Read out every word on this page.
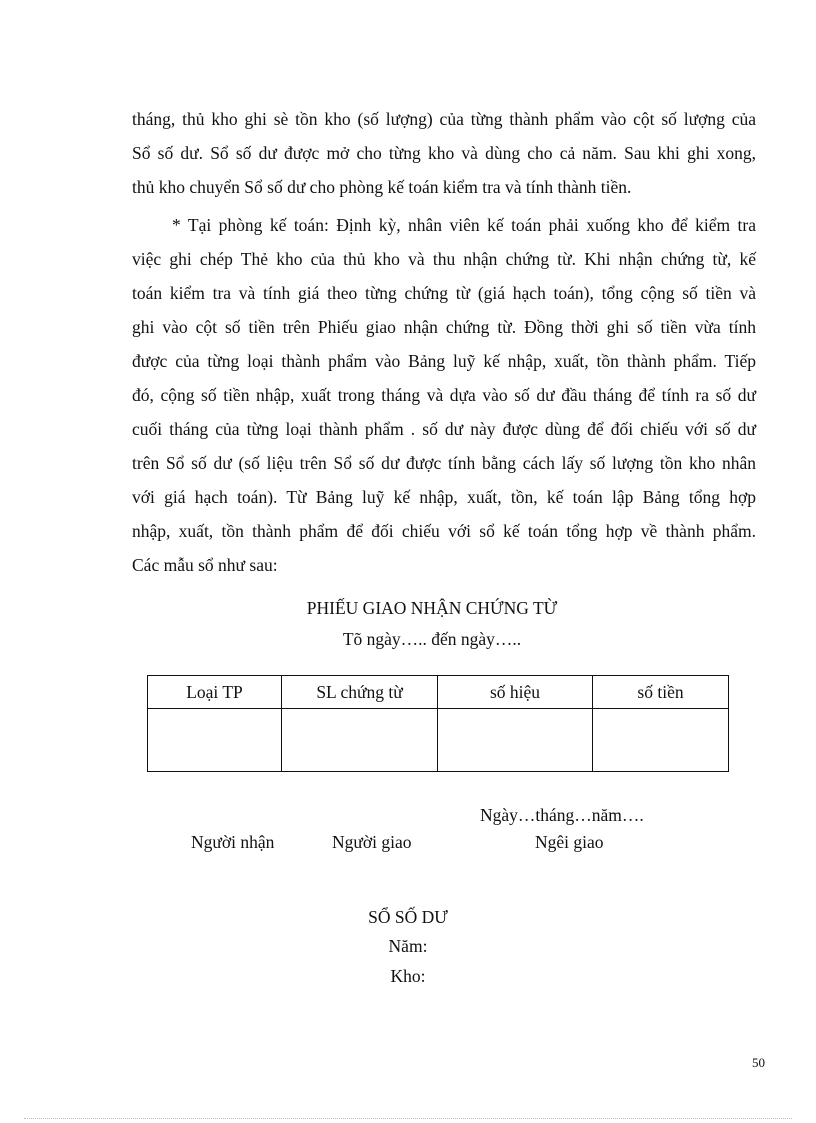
tháng, thủ kho ghi sè tồn kho (số lượng) của từng thành phẩm vào cột số lượng của
Sổ số dư. Sổ số dư được mở cho từng kho và dùng cho cả năm. Sau khi ghi xong,
thủ kho chuyển Sổ số dư cho phòng kế toán kiểm tra và tính thành tiền.
* Tại phòng kế toán: Định kỳ, nhân viên kế toán phải xuống kho để kiểm tra
việc ghi chép Thẻ kho của thủ kho và thu nhận chứng từ. Khi nhận chứng từ, kế
toán kiểm tra và tính giá theo từng chứng từ (giá hạch toán), tổng cộng số tiền và
ghi vào cột số tiền trên Phiếu giao nhận chứng từ. Đồng thời ghi số tiền vừa tính
được của từng loại thành phẩm vào Bảng luỹ kế nhập, xuất, tồn thành phẩm. Tiếp
đó, cộng số tiền nhập, xuất trong tháng và dựa vào số dư đầu tháng để tính ra số dư
cuối tháng của từng loại thành phẩm . số dư này được dùng để đối chiếu với số dư
trên Sổ số dư (số liệu trên Sổ số dư được tính bằng cách lấy số lượng tồn kho nhân
với giá hạch toán). Từ Bảng luỹ kế nhập, xuất, tồn, kế toán lập Bảng tổng hợp
nhập, xuất, tồn thành phẩm để đối chiếu với sổ kế toán tổng hợp về thành phẩm.
Các mẫu sổ như sau:
PHIẾU GIAO NHẬN CHỨNG TỪ
Tõ ngày….. đến ngày…..
Loại TP	SL chứng từ	số hiệu	số tiền

Ngày…tháng…năm….
Người nhận	Người giao	Ngêi giao
SỔ SỐ DƯ
Năm:
Kho:
50
